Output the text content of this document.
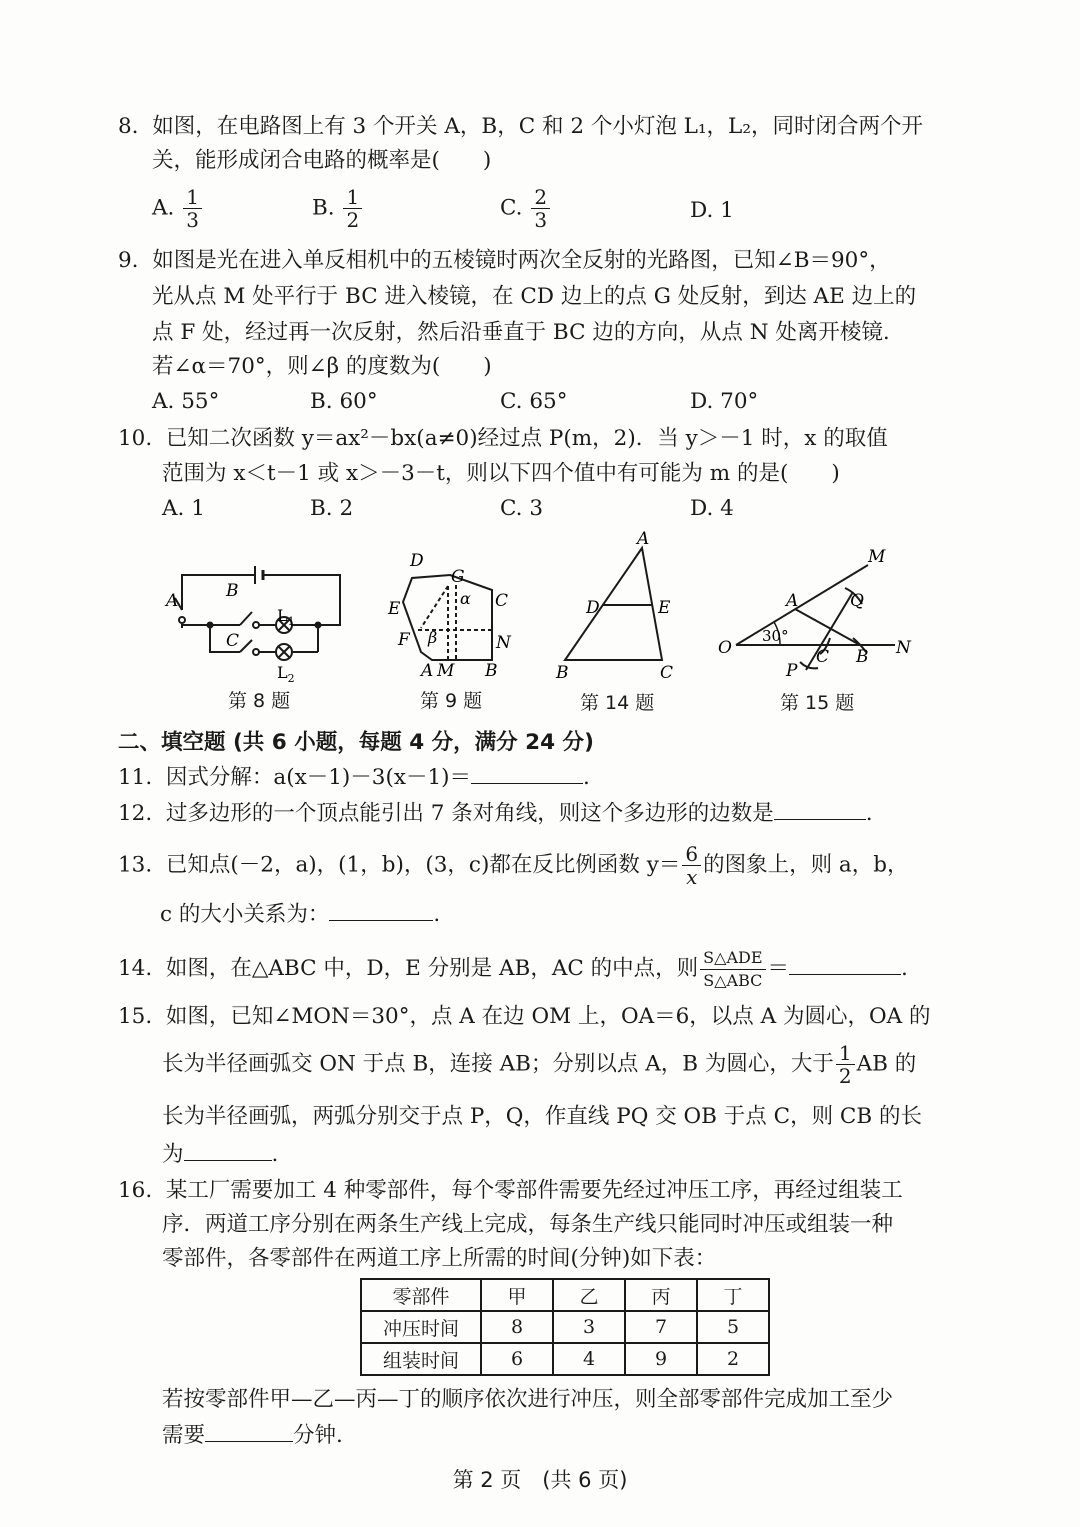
8. 如图，在电路图上有 3 个开关 A，B，C 和 2 个小灯泡 L₁，L₂，同时闭合两个开
关，能形成闭合电路的概率是(　　)
A. $\frac{1}{3}$	B. $\frac{1}{2}$	C. $\frac{2}{3}$	D. 1
9. 如图是光在进入单反相机中的五棱镜时两次全反射的光路图，已知∠B＝90°，
光从点 M 处平行于 BC 进入棱镜，在 CD 边上的点 G 处反射，到达 AE 边上的
点 F 处，经过再一次反射，然后沿垂直于 BC 边的方向，从点 N 处离开棱镜.
若∠α＝70°，则∠β 的度数为(　　)
A. 55°	B. 60°	C. 65°	D. 70°
10. 已知二次函数 y＝ax²－bx(a≠0)经过点 P(m，2)．当 y＞－1 时，x 的取值
范围为 x＜t－1 或 x＞－3－t，则以下四个值中有可能为 m 的是(　　)
A. 1	B. 2	C. 3	D. 4
A	B
C
$L_1$
$L_2$
D
G
α C
E
F β	N
A M B
A
D	E
B	C
M
A	Q
O
30°
C B N
P
第 8 题	第 9 题	第 14 题	第 15 题
二、填空题 (共 6 小题，每题 4 分，满分 24 分)
11. 因式分解：a(x－1)－3(x－1)＝	.
12. 过多边形的一个顶点能引出 7 条对角线，则这个多边形的边数是	.
13. 已知点(－2，a)，(1，b)，(3，c)都在反比例函数 $y= \frac{6}{x}$ 的图象上，则 a，b，
c 的大小关系为：	.
14. 如图，在△ABC 中，D，E 分别是 AB，AC 的中点，则 $\frac{\text{S△ADE}}{\text{S△ABC}}$ ＝	.
15. 如图，已知∠MON＝30°，点 A 在边 OM 上，OA＝6，以点 A 为圆心，OA 的
长为半径画弧交 ON 于点 B，连接 AB；分别以点 A，B 为圆心，大于 $\frac{1}{2}$ AB 的
长为半径画弧，两弧分别交于点 P，Q，作直线 PQ 交 OB 于点 C，则 CB 的长
为	.
16. 某工厂需要加工 4 种零部件，每个零部件需要先经过冲压工序，再经过组装工
序．两道工序分别在两条生产线上完成，每条生产线只能同时冲压或组装一种
零部件，各零部件在两道工序上所需的时间(分钟)如下表：
零部件	甲	乙	丙	丁
冲压时间	8	3	7	5
组装时间	6	4	9	2
若按零部件甲—乙—丙—丁的顺序依次进行冲压，则全部零部件完成加工至少
需要	分钟.
第 2 页　(共 6 页)
